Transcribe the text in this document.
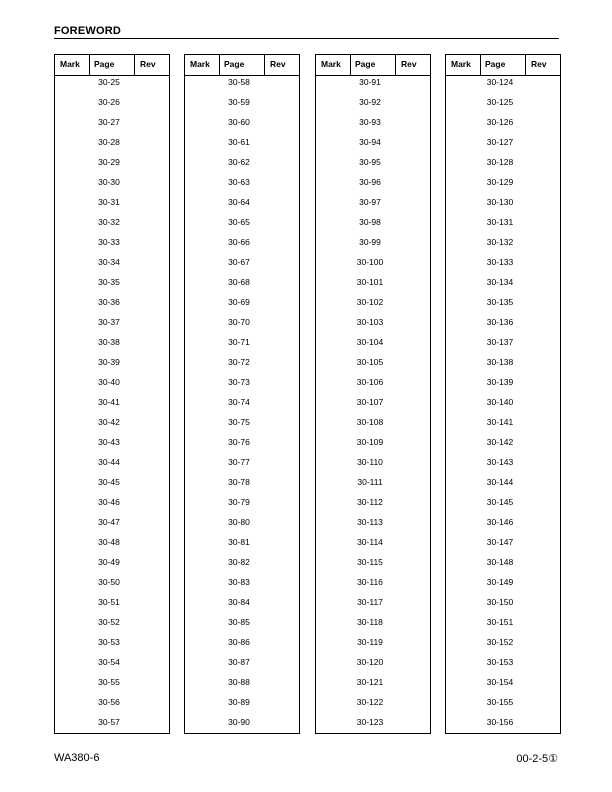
FOREWORD
Mark Page	Rev
30-25
30-26
30-27
30-28
30-29
30-30
30-31
30-32
30-33
30-34
30-35
30-36
30-37
30-38
30-39
30-40
30-41
30-42
30-43
30-44
30-45
30-46
30-47
30-48
30-49
30-50
30-51
30-52
30-53
30-54
30-55
30-56
30-57
Mark Page	Rev
30-58
30-59
30-60
30-61
30-62
30-63
30-64
30-65
30-66
30-67
30-68
30-69
30-70
30-71
30-72
30-73
30-74
30-75
30-76
30-77
30-78
30-79
30-80
30-81
30-82
30-83
30-84
30-85
30-86
30-87
30-88
30-89
30-90
Mark Page	Rev
30-91
30-92
30-93
30-94
30-95
30-96
30-97
30-98
30-99
30-100
30-101
30-102
30-103
30-104
30-105
30-106
30-107
30-108
30-109
30-110
30-111
30-112
30-113
30-114
30-115
30-116
30-117
30-118
30-119
30-120
30-121
30-122
30-123
Mark Page	Rev
30-124
30-125
30-126
30-127
30-128
30-129
30-130
30-131
30-132
30-133
30-134
30-135
30-136
30-137
30-138
30-139
30-140
30-141
30-142
30-143
30-144
30-145
30-146
30-147
30-148
30-149
30-150
30-151
30-152
30-153
30-154
30-155
30-156
WA380-6	00-2-5①
